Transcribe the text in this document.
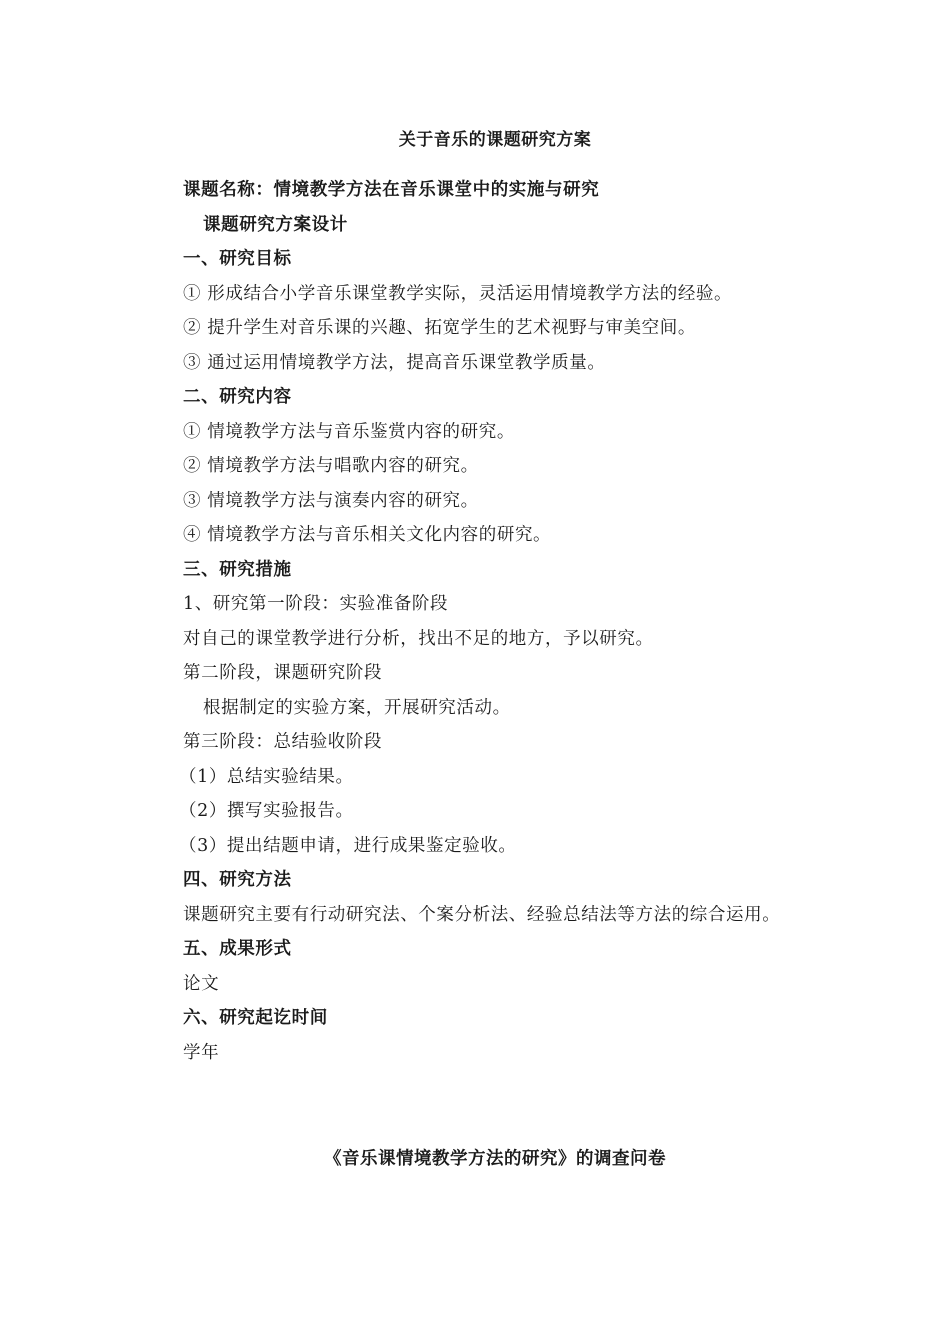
关于音乐的课题研究方案
课题名称：情境教学方法在音乐课堂中的实施与研究
课题研究方案设计
一、研究目标
① 形成结合小学音乐课堂教学实际，灵活运用情境教学方法的经验。
② 提升学生对音乐课的兴趣、拓宽学生的艺术视野与审美空间。
③ 通过运用情境教学方法，提高音乐课堂教学质量。
二、研究内容
① 情境教学方法与音乐鉴赏内容的研究。
② 情境教学方法与唱歌内容的研究。
③ 情境教学方法与演奏内容的研究。
④ 情境教学方法与音乐相关文化内容的研究。
三、研究措施
1、研究第一阶段：实验准备阶段
对自己的课堂教学进行分析，找出不足的地方，予以研究。
第二阶段，课题研究阶段
根据制定的实验方案，开展研究活动。
第三阶段：总结验收阶段
（1）总结实验结果。
（2）撰写实验报告。
（3）提出结题申请，进行成果鉴定验收。
四、研究方法
课题研究主要有行动研究法、个案分析法、经验总结法等方法的综合运用。
五、成果形式
论文
六、研究起讫时间
学年
《音乐课情境教学方法的研究》的调查问卷
